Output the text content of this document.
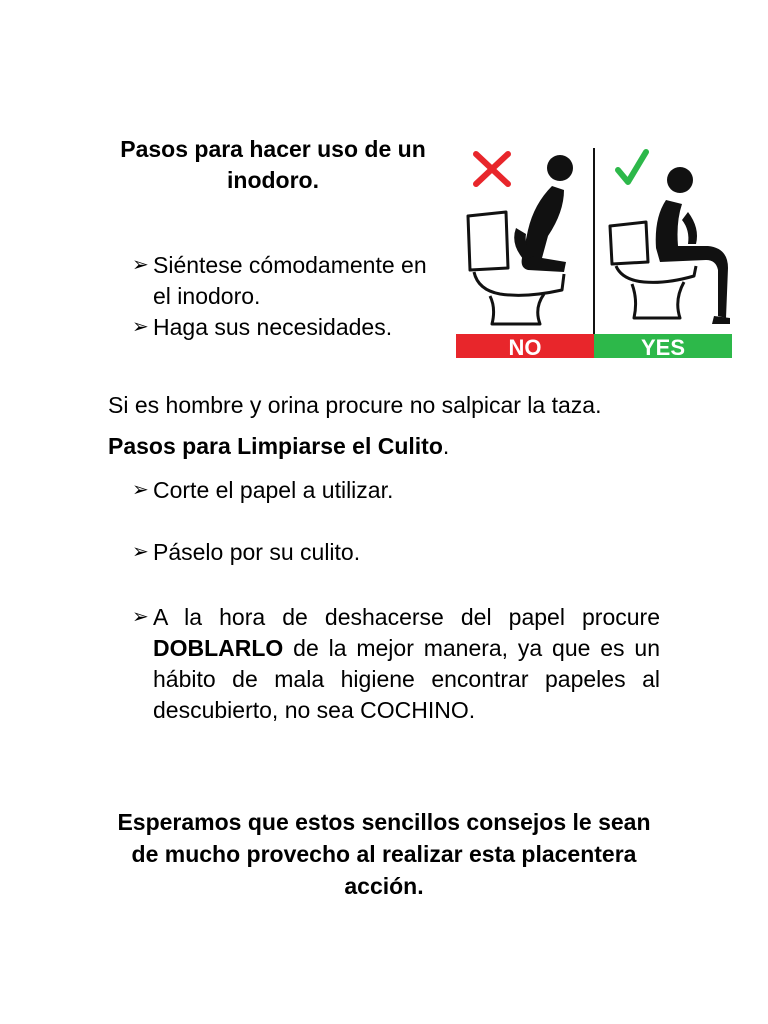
Pasos para hacer uso de un inodoro.
➢ Siéntese cómodamente en el inodoro.
➢ Haga sus necesidades.
NO	YES
Si es hombre y orina procure no salpicar la taza.
Pasos para Limpiarse el Culito.
➢ Corte el papel a utilizar.
➢ Páselo por su culito.
➢ A la hora de deshacerse del papel procure DOBLARLO de la mejor manera, ya que es un hábito de mala higiene encontrar papeles al descubierto, no sea COCHINO.
Esperamos que estos sencillos consejos le sean de mucho provecho al realizar esta placentera acción.
